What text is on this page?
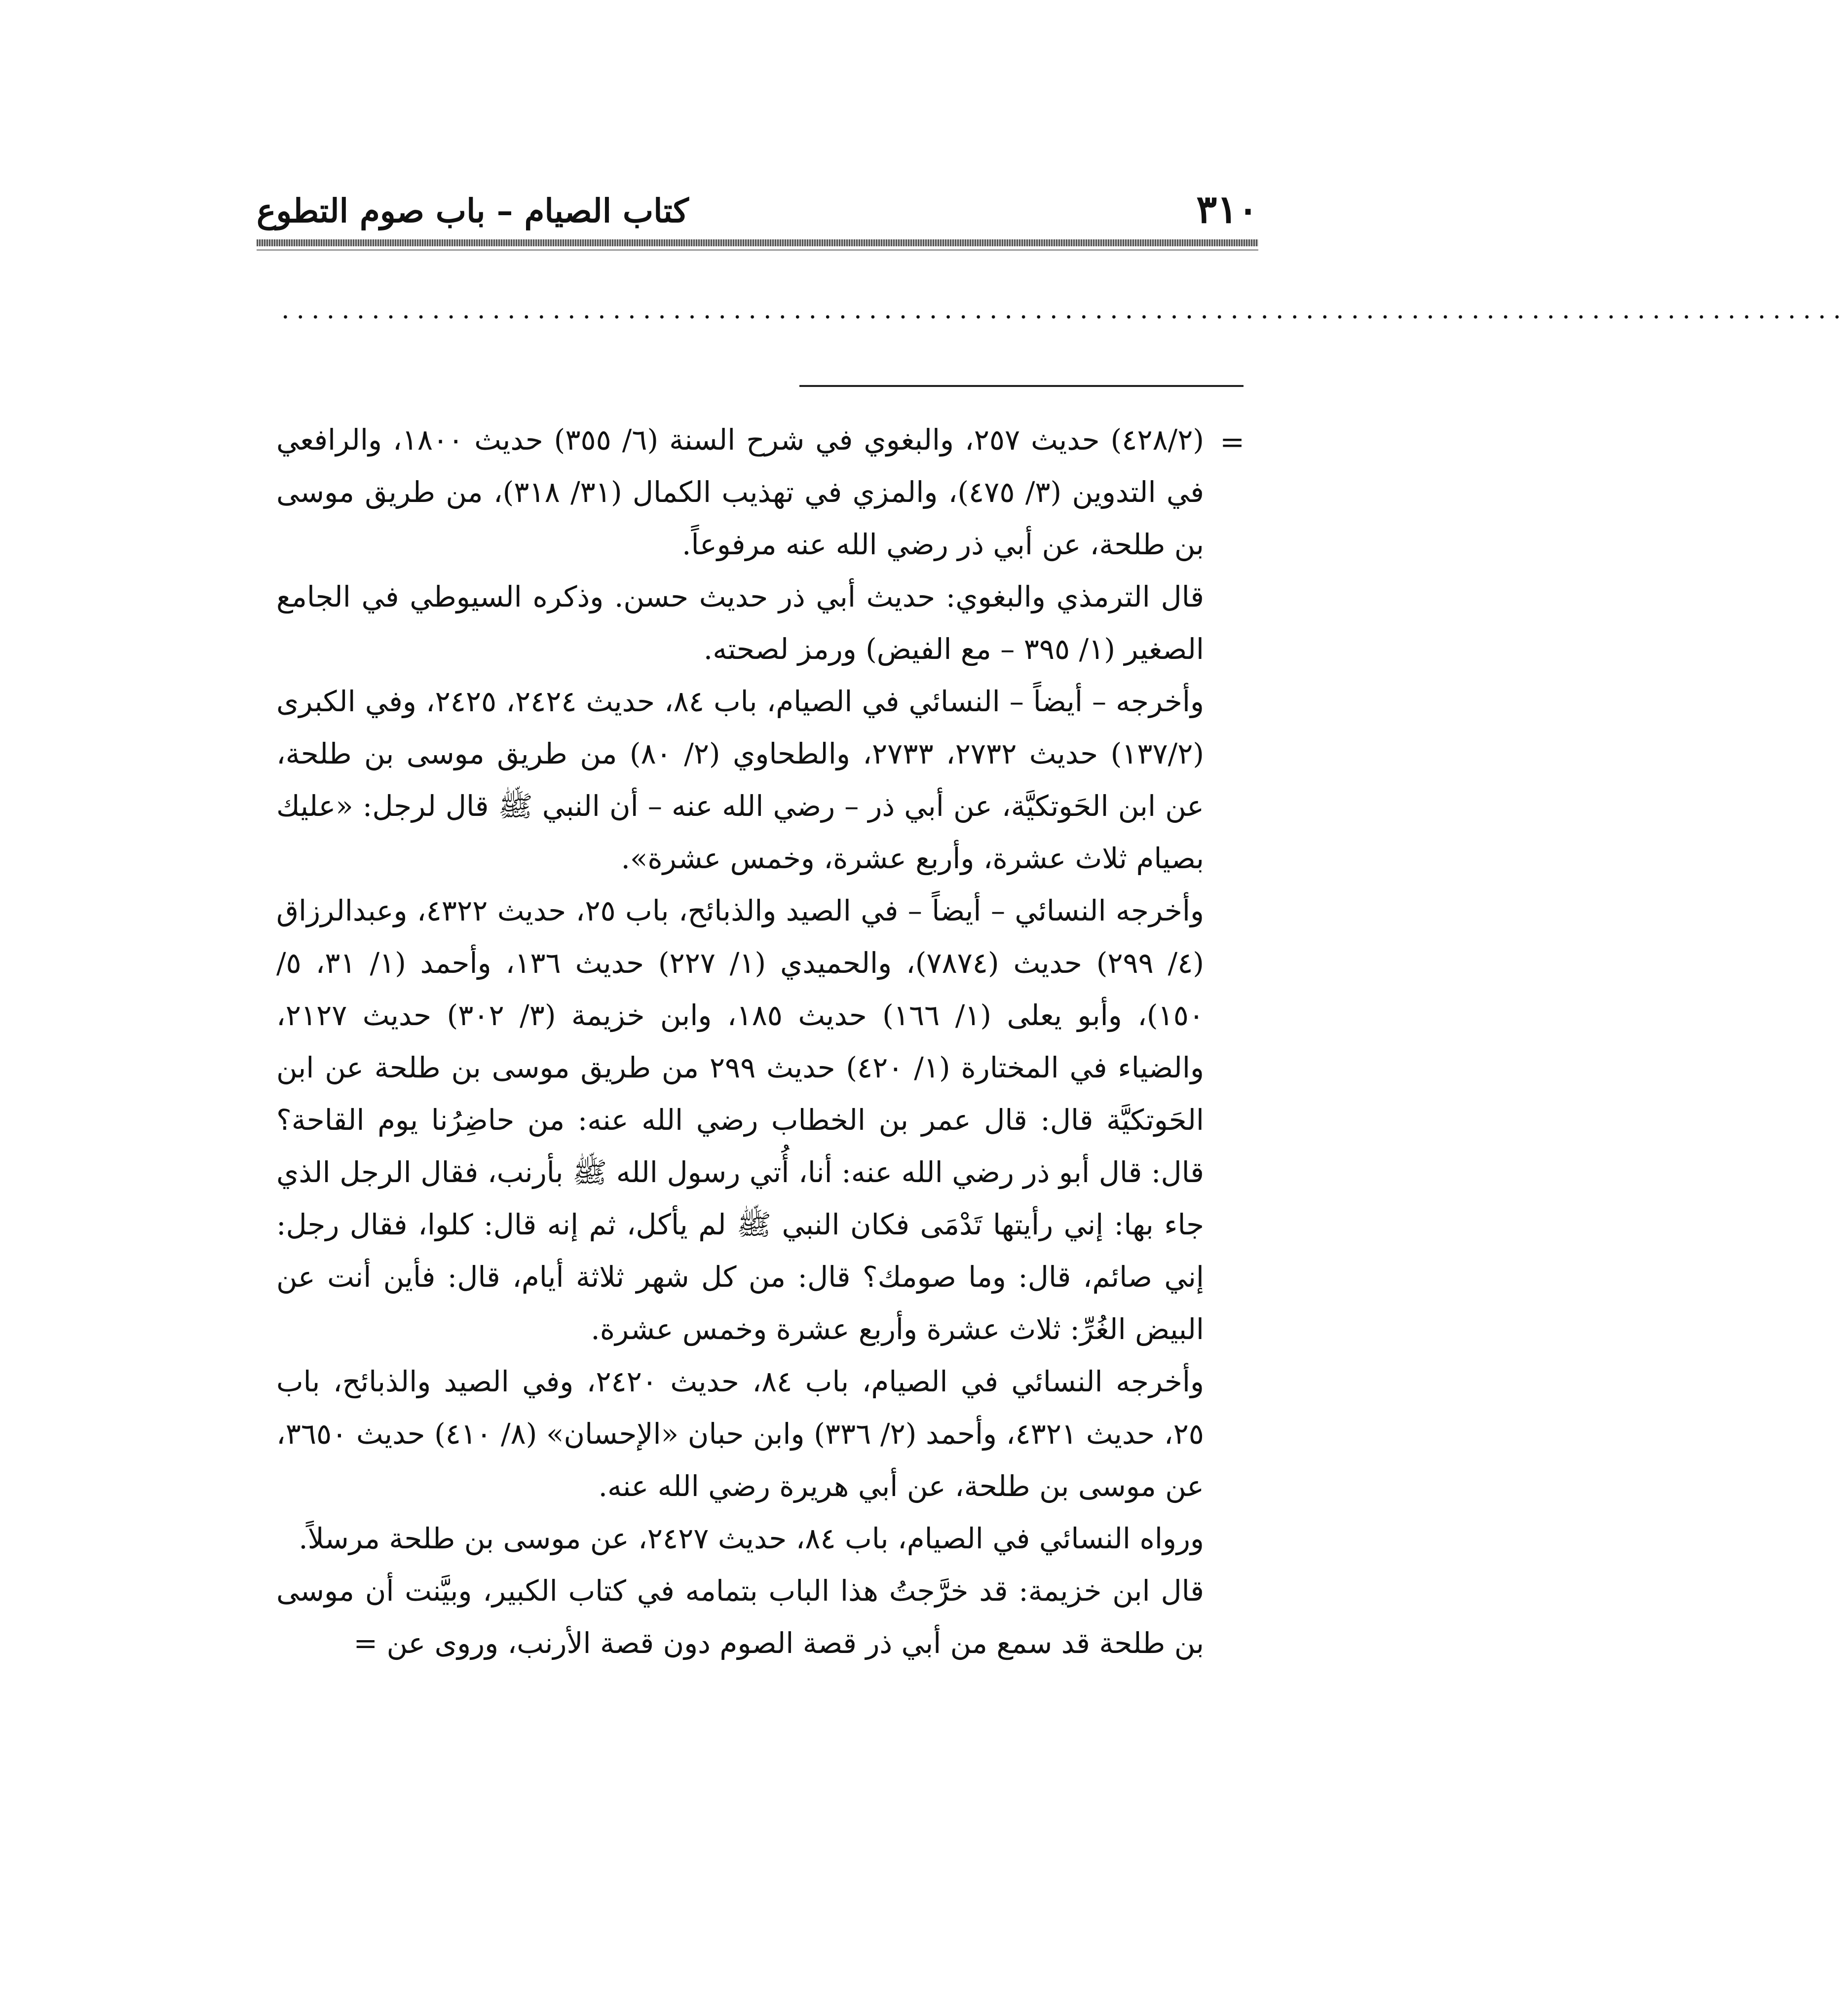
٣١٠
كتاب الصيام – باب صوم التطوع
........................................................................................................
=

(٤٢٨/٢) حديث ٢٥٧، والبغوي في شرح السنة (٦/ ٣٥٥) حديث ١٨٠٠، والرافعي في التدوين (٣/ ٤٧٥)، والمزي في تهذيب الكمال (٣١/ ٣١٨)، من طريق موسى بن طلحة، عن أبي ذر رضي الله عنه مرفوعاً.

قال الترمذي والبغوي: حديث أبي ذر حديث حسن. وذكره السيوطي في الجامع الصغير (١/ ٣٩٥ – مع الفيض) ورمز لصحته.

وأخرجه – أيضاً – النسائي في الصيام، باب ٨٤، حديث ٢٤٢٤، ٢٤٢٥، وفي الكبرى (١٣٧/٢) حديث ٢٧٣٢، ٢٧٣٣، والطحاوي (٢/ ٨٠) من طريق موسى بن طلحة، عن ابن الحَوتكيَّة، عن أبي ذر – رضي الله عنه – أن النبي ﷺ قال لرجل: «عليك بصيام ثلاث عشرة، وأربع عشرة، وخمس عشرة».

وأخرجه النسائي – أيضاً – في الصيد والذبائح، باب ٢٥، حديث ٤٣٢٢، وعبدالرزاق (٤/ ٢٩٩) حديث (٧٨٧٤)، والحميدي (١/ ٢٢٧) حديث ١٣٦، وأحمد (١/ ٣١، ٥/ ١٥٠)، وأبو يعلى (١/ ١٦٦) حديث ١٨٥، وابن خزيمة (٣/ ٣٠٢) حديث ٢١٢٧، والضياء في المختارة (١/ ٤٢٠) حديث ٢٩٩ من طريق موسى بن طلحة عن ابن الحَوتكيَّة قال: قال عمر بن الخطاب رضي الله عنه: من حاضِرُنا يوم القاحة؟ قال: قال أبو ذر رضي الله عنه: أنا، أُتي رسول الله ﷺ بأرنب، فقال الرجل الذي جاء بها: إني رأيتها تَدْمَى فكان النبي ﷺ لم يأكل، ثم إنه قال: كلوا، فقال رجل: إني صائم، قال: وما صومك؟ قال: من كل شهر ثلاثة أيام، قال: فأين أنت عن البيض الغُرِّ: ثلاث عشرة وأربع عشرة وخمس عشرة.

وأخرجه النسائي في الصيام، باب ٨٤، حديث ٢٤٢٠، وفي الصيد والذبائح، باب ٢٥، حديث ٤٣٢١، وأحمد (٢/ ٣٣٦) وابن حبان «الإحسان» (٨/ ٤١٠) حديث ٣٦٥٠، عن موسى بن طلحة، عن أبي هريرة رضي الله عنه.

ورواه النسائي في الصيام، باب ٨٤، حديث ٢٤٢٧، عن موسى بن طلحة مرسلاً.

قال ابن خزيمة: قد خرَّجتُ هذا الباب بتمامه في كتاب الكبير، وبيَّنت أن موسى بن طلحة قد سمع من أبي ذر قصة الصوم دون قصة الأرنب، وروى عن =
